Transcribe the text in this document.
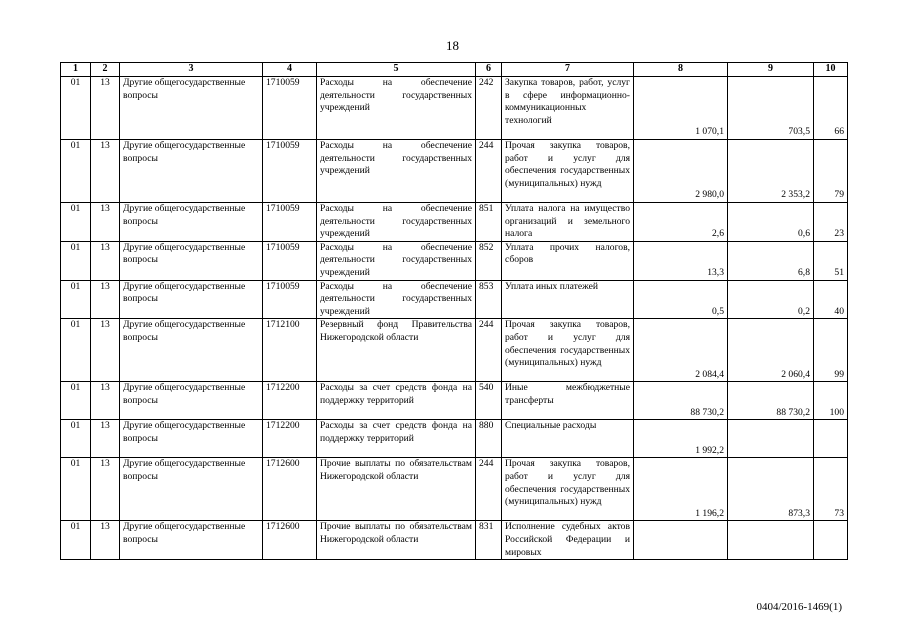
18
1	2	3	4	5	6	7	8	9	10
01	13	Другие общегосударственные вопросы	1710059	Расходы на обеспечение деятельности государственных учреждений	242	Закупка товаров, работ, услуг в сфере информационно-коммуникационных технологий	1 070,1	703,5	66
01	13	Другие общегосударственные вопросы	1710059	Расходы на обеспечение деятельности государственных учреждений	244	Прочая закупка товаров, работ и услуг для обеспечения государственных (муниципальных) нужд	2 980,0	2 353,2	79
01	13	Другие общегосударственные вопросы	1710059	Расходы на обеспечение деятельности государственных учреждений	851	Уплата налога на имущество организаций и земельного налога	2,6	0,6	23
01	13	Другие общегосударственные вопросы	1710059	Расходы на обеспечение деятельности государственных учреждений	852	Уплата прочих налогов, сборов	13,3	6,8	51
01	13	Другие общегосударственные вопросы	1710059	Расходы на обеспечение деятельности государственных учреждений	853	Уплата иных платежей	0,5	0,2	40
01	13	Другие общегосударственные вопросы	1712100	Резервный фонд Правительства Нижегородской области	244	Прочая закупка товаров, работ и услуг для обеспечения государственных (муниципальных) нужд	2 084,4	2 060,4	99
01	13	Другие общегосударственные вопросы	1712200	Расходы за счет средств фонда на поддержку территорий	540	Иные межбюджетные трансферты	88 730,2	88 730,2	100
01	13	Другие общегосударственные вопросы	1712200	Расходы за счет средств фонда на поддержку территорий	880	Специальные расходы	1 992,2		
01	13	Другие общегосударственные вопросы	1712600	Прочие выплаты по обязательствам Нижегородской области	244	Прочая закупка товаров, работ и услуг для обеспечения государственных (муниципальных) нужд	1 196,2	873,3	73
01	13	Другие общегосударственные вопросы	1712600	Прочие выплаты по обязательствам Нижегородской области	831	Исполнение судебных актов Российской Федерации и мировых			
0404/2016-1469(1)
